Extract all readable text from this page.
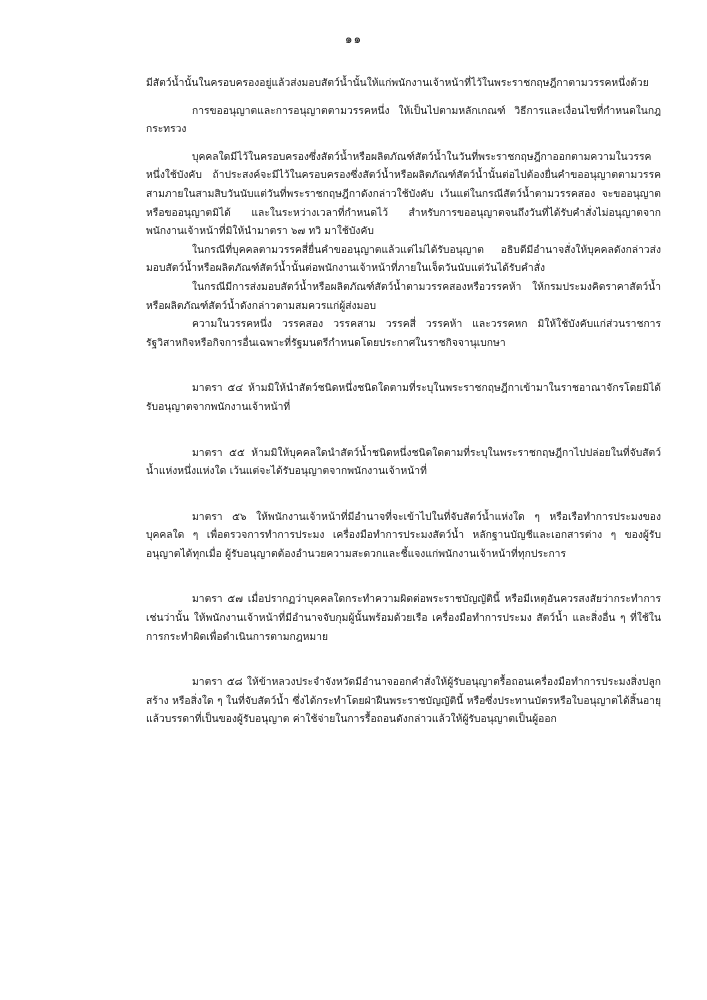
๑๑

มีสัตว์น้ำนั้นในครอบครองอยู่แล้วส่งมอบสัตว์น้ำนั้นให้แก่พนักงานเจ้าหน้าที่ไว้ในพระราชกฤษฎีกาตามวรรคหนึ่งด้วย

การขออนุญาตและการอนุญาตตามวรรคหนึ่ง ให้เป็นไปตามหลักเกณฑ์ วิธีการและเงื่อนไขที่กำหนดในกฎกระทรวง

บุคคลใดมีไว้ในครอบครองซึ่งสัตว์น้ำหรือผลิตภัณฑ์สัตว์น้ำในวันที่พระราชกฤษฎีกาออกตามความในวรรคหนึ่งใช้บังคับ ถ้าประสงค์จะมีไว้ในครอบครองซึ่งสัตว์น้ำหรือผลิตภัณฑ์สัตว์น้ำนั้นต่อไปต้องยื่นคำขออนุญาตตามวรรคสามภายในสามสิบวันนับแต่วันที่พระราชกฤษฎีกาดังกล่าวใช้บังคับ เว้นแต่ในกรณีสัตว์น้ำตามวรรคสอง จะขออนุญาตหรือขออนุญาตมิได้ และในระหว่างเวลาที่กำหนดไว้ สำหรับการขออนุญาตจนถึงวันที่ได้รับคำสั่งไม่อนุญาตจากพนักงานเจ้าหน้าที่มิให้นำมาตรา ๖๗ ทวิ มาใช้บังคับ

ในกรณีที่บุคคลตามวรรคสี่ยื่นคำขออนุญาตแล้วแต่ไม่ได้รับอนุญาต อธิบดีมีอำนาจสั่งให้บุคคลดังกล่าวส่งมอบสัตว์น้ำหรือผลิตภัณฑ์สัตว์น้ำนั้นต่อพนักงานเจ้าหน้าที่ภายในเจ็ดวันนับแต่วันได้รับคำสั่ง

ในกรณีมีการส่งมอบสัตว์น้ำหรือผลิตภัณฑ์สัตว์น้ำตามวรรคสองหรือวรรคห้า ให้กรมประมงคิดราคาสัตว์น้ำหรือผลิตภัณฑ์สัตว์น้ำดังกล่าวตามสมควรแก่ผู้ส่งมอบ

ความในวรรคหนึ่ง วรรคสอง วรรคสาม วรรคสี่ วรรคห้า และวรรคหก มิให้ใช้บังคับแก่ส่วนราชการรัฐวิสาหกิจหรือกิจการอื่นเฉพาะที่รัฐมนตรีกำหนดโดยประกาศในราชกิจจานุเบกษา

มาตรา ๕๔ ห้ามมิให้นำสัตว์ชนิดหนึ่งชนิดใดตามที่ระบุในพระราชกฤษฎีกาเข้ามาในราชอาณาจักรโดยมิได้รับอนุญาตจากพนักงานเจ้าหน้าที่

มาตรา ๕๕ ห้ามมิให้บุคคลใดนำสัตว์น้ำชนิดหนึ่งชนิดใดตามที่ระบุในพระราชกฤษฎีกาไปปล่อยในที่จับสัตว์น้ำแห่งหนึ่งแห่งใด เว้นแต่จะได้รับอนุญาตจากพนักงานเจ้าหน้าที่

มาตรา ๕๖ ให้พนักงานเจ้าหน้าที่มีอำนาจที่จะเข้าไปในที่จับสัตว์น้ำแห่งใด ๆ หรือเรือทำการประมงของบุคคลใด ๆ เพื่อตรวจการทำการประมง เครื่องมือทำการประมงสัตว์น้ำ หลักฐานบัญชีและเอกสารต่าง ๆ ของผู้รับอนุญาตได้ทุกเมื่อ ผู้รับอนุญาตต้องอำนวยความสะดวกและชี้แจงแก่พนักงานเจ้าหน้าที่ทุกประการ

มาตรา ๕๗ เมื่อปรากฏว่าบุคคลใดกระทำความผิดต่อพระราชบัญญัตินี้ หรือมีเหตุอันควรสงสัยว่ากระทำการเช่นว่านั้น ให้พนักงานเจ้าหน้าที่มีอำนาจจับกุมผู้นั้นพร้อมด้วยเรือ เครื่องมือทำการประมง สัตว์น้ำ และสิ่งอื่น ๆ ที่ใช้ในการกระทำผิดเพื่อดำเนินการตามกฎหมาย

มาตรา ๕๘ ให้ข้าหลวงประจำจังหวัดมีอำนาจออกคำสั่งให้ผู้รับอนุญาตรื้อถอนเครื่องมือทำการประมงสิ่งปลูกสร้าง หรือสิ่งใด ๆ ในที่จับสัตว์น้ำ ซึ่งได้กระทำโดยฝ่าฝืนพระราชบัญญัตินี้ หรือซึ่งประทานบัตรหรือใบอนุญาตได้สิ้นอายุแล้วบรรดาที่เป็นของผู้รับอนุญาต ค่าใช้จ่ายในการรื้อถอนดังกล่าวแล้วให้ผู้รับอนุญาตเป็นผู้ออก
